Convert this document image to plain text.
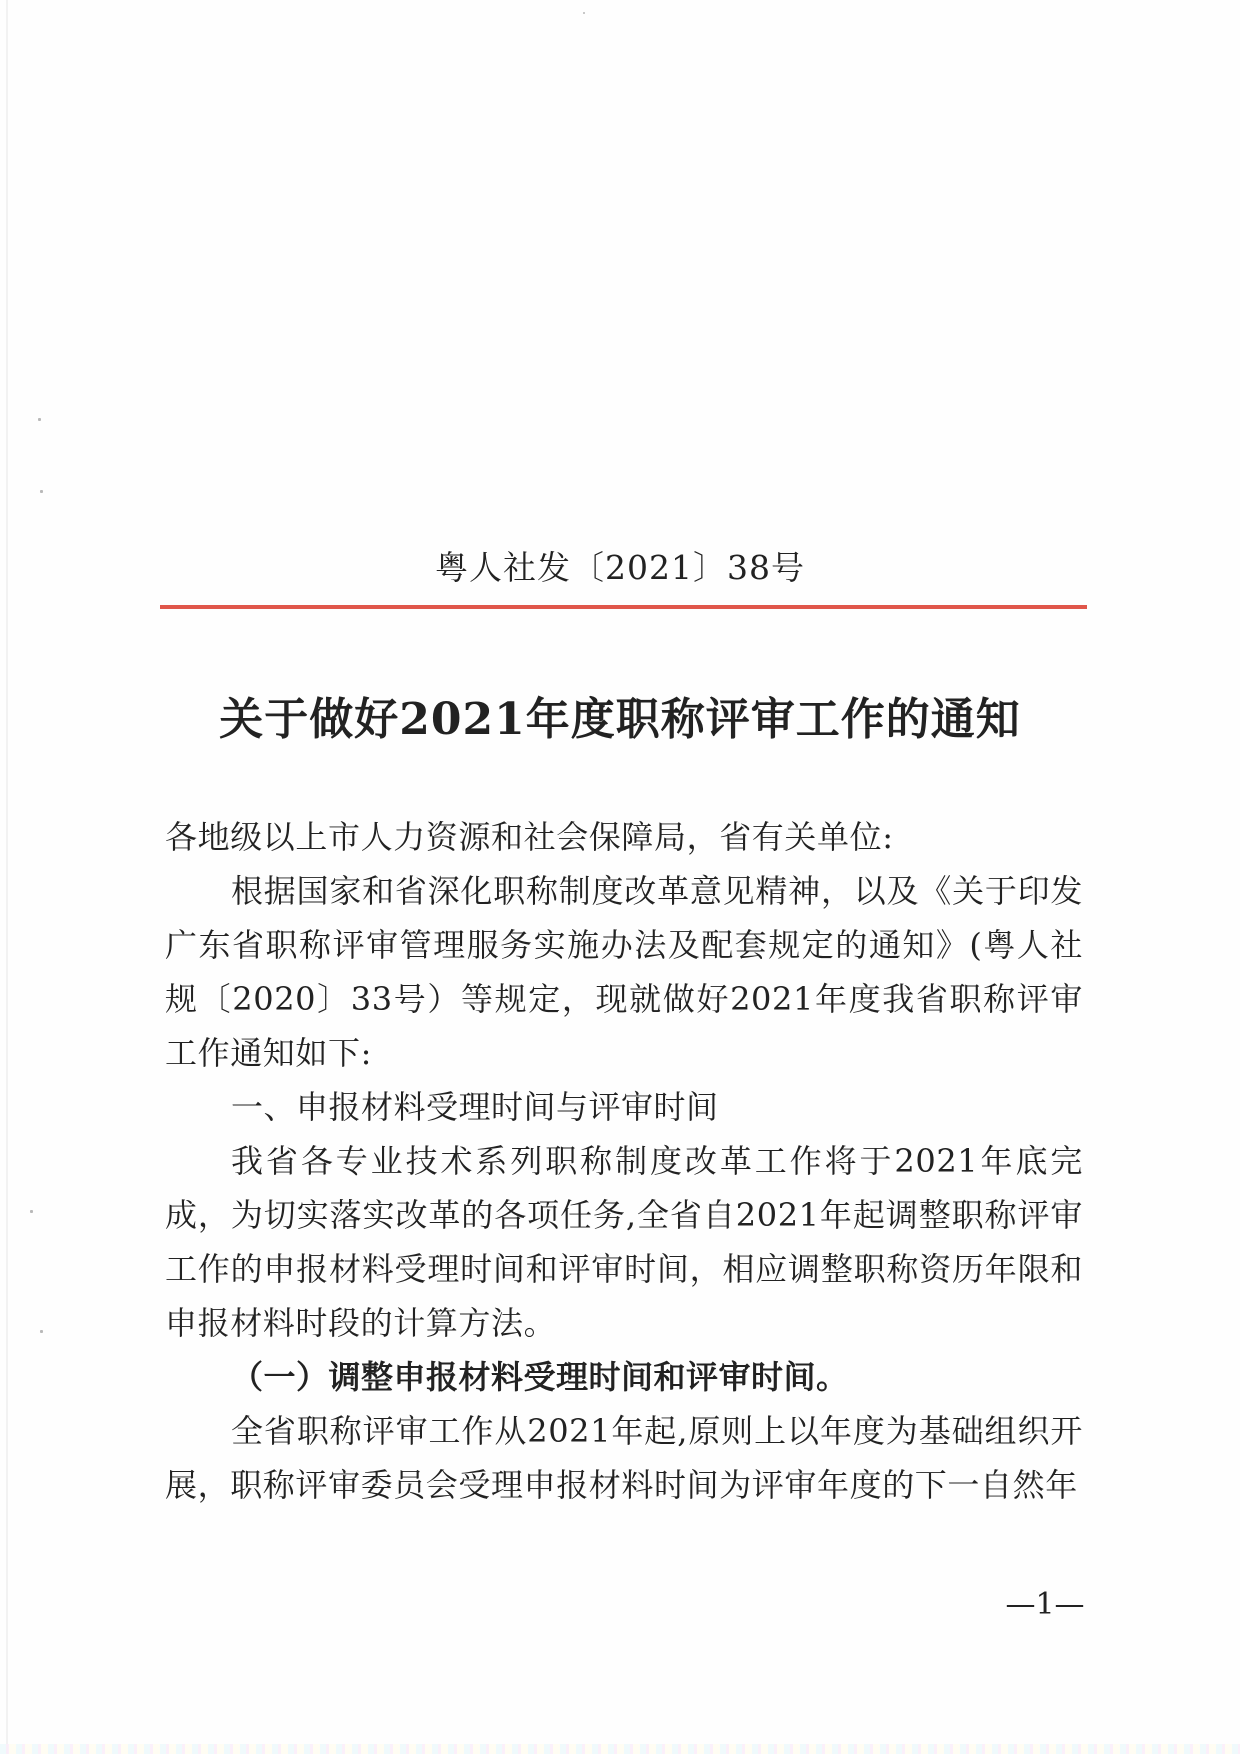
粤人社发〔2021〕38号
关于做好2021年度职称评审工作的通知

各地级以上市人力资源和社会保障局，省有关单位:

根据国家和省深化职称制度改革意见精神，以及《关于印发广东省职称评审管理服务实施办法及配套规定的通知》(粤人社规〔2020〕33号）等规定，现就做好2021年度我省职称评审工作通知如下:

一、申报材料受理时间与评审时间

我省各专业技术系列职称制度改革工作将于2021年底完成，为切实落实改革的各项任务,全省自2021年起调整职称评审工作的申报材料受理时间和评审时间，相应调整职称资历年限和申报材料时段的计算方法。

（一）调整申报材料受理时间和评审时间。

全省职称评审工作从2021年起,原则上以年度为基础组织开展，职称评审委员会受理申报材料时间为评审年度的下一自然年

—1—
